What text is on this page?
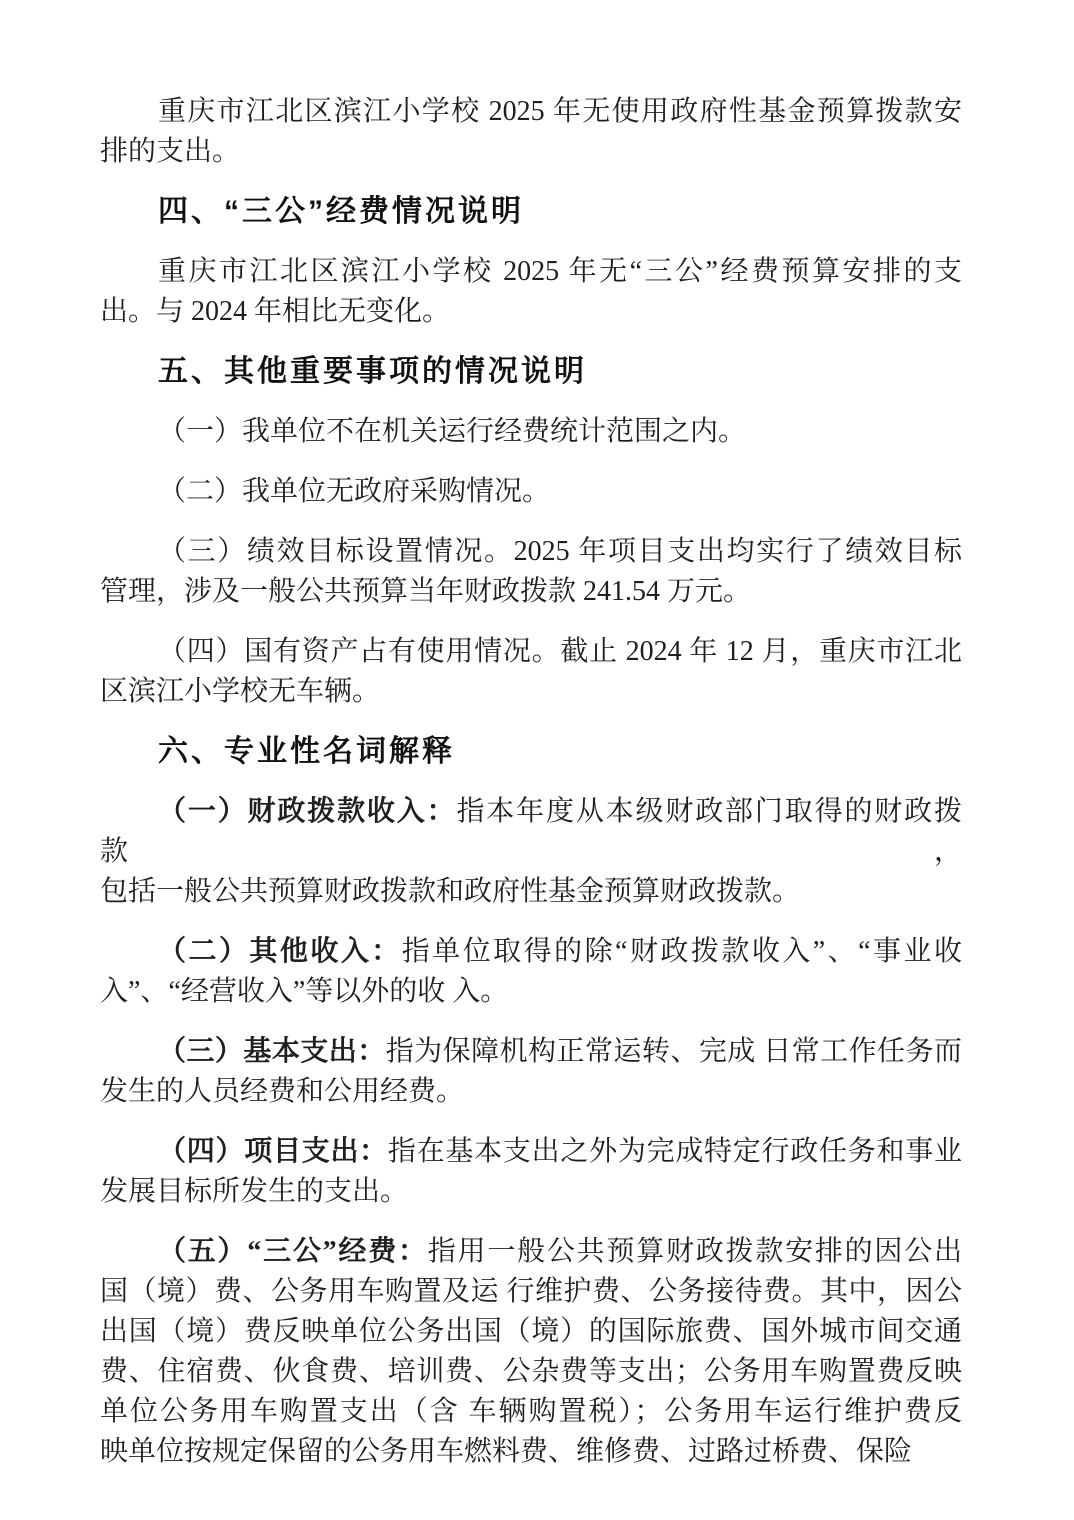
重庆市江北区滨江小学校 2025 年无使用政府性基金预算拨款安
排的支出。
四、“三公”经费情况说明
重庆市江北区滨江小学校 2025 年无“三公”经费预算安排的支
出。与 2024 年相比无变化。
五、其他重要事项的情况说明
（一）我单位不在机关运行经费统计范围之内。
（二）我单位无政府采购情况。
（三）绩效目标设置情况。2025 年项目支出均实行了绩效目标
管理，涉及一般公共预算当年财政拨款 241.54 万元。
（四）国有资产占有使用情况。截止 2024 年 12 月，重庆市江北
区滨江小学校无车辆。
六、专业性名词解释
（一）财政拨款收入：指本年度从本级财政部门取得的财政拨款，
包括一般公共预算财政拨款和政府性基金预算财政拨款。
（二）其他收入：指单位取得的除“财政拨款收入”、“事业收
入”、“经营收入”等以外的收 入。
（三）基本支出：指为保障机构正常运转、完成 日常工作任务而
发生的人员经费和公用经费。
（四）项目支出：指在基本支出之外为完成特定行政任务和事业
发展目标所发生的支出。
（五）“三公”经费：指用一般公共预算财政拨款安排的因公出
国（境）费、公务用车购置及运 行维护费、公务接待费。其中，因公
出国（境）费反映单位公务出国（境）的国际旅费、国外城市间交通
费、住宿费、伙食费、培训费、公杂费等支出；公务用车购置费反映
单位公务用车购置支出（含 车辆购置税）；公务用车运行维护费反
映单位按规定保留的公务用车燃料费、维修费、过路过桥费、保险
